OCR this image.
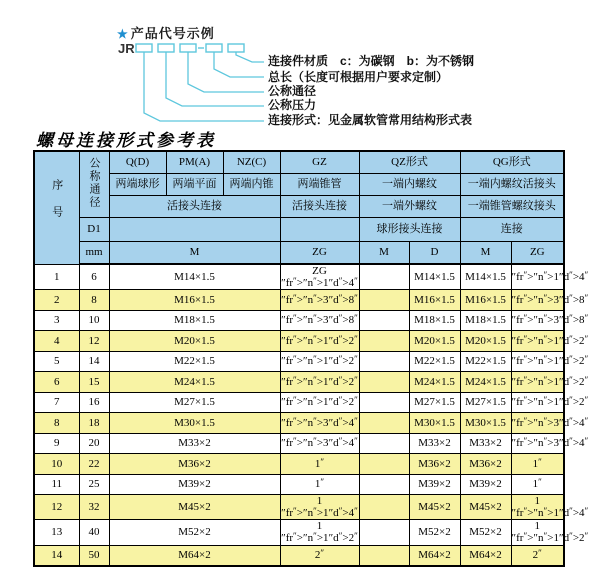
★ 产品代号示例
JR
连接件材质　c：为碳钢　b：为不锈钢
总长（长度可根据用户要求定制）
公称通径
公称压力
连接形式：见金属软管常用结构形式表
螺母连接形式参考表
序号	公称通径	Q(D)	PM(A)	NZ(C)	GZ	QZ形式		QG形式	
		两端球形	两端平面	两端内锥	两端锥管	一端内螺纹		一端内螺纹活接头	
		活接头连接			活接头连接	一端外螺纹		一端锥管螺纹接头	
	D1					球形接头连接		连接	
	mm	M			ZG	M	D	M	ZG
1	6	M14×1.5			ZG ″fr″>″n″>1″d″>4″		M14×1.5	M14×1.5	″fr″>″n″>1″d″>4″
2	8	M16×1.5			″fr″>″n″>3″d″>8″		M16×1.5	M16×1.5	″fr″>″n″>3″d″>8″
3	10	M18×1.5			″fr″>″n″>3″d″>8″		M18×1.5	M18×1.5	″fr″>″n″>3″d″>8″
4	12	M20×1.5			″fr″>″n″>1″d″>2″		M20×1.5	M20×1.5	″fr″>″n″>1″d″>2″
5	14	M22×1.5			″fr″>″n″>1″d″>2″		M22×1.5	M22×1.5	″fr″>″n″>1″d″>2″
6	15	M24×1.5			″fr″>″n″>1″d″>2″		M24×1.5	M24×1.5	″fr″>″n″>1″d″>2″
7	16	M27×1.5			″fr″>″n″>1″d″>2″		M27×1.5	M27×1.5	″fr″>″n″>1″d″>2″
8	18	M30×1.5			″fr″>″n″>3″d″>4″		M30×1.5	M30×1.5	″fr″>″n″>3″d″>4″
9	20	M33×2			″fr″>″n″>3″d″>4″		M33×2	M33×2	″fr″>″n″>3″d″>4″
10	22	M36×2			1″		M36×2	M36×2	1″
11	25	M39×2			1″		M39×2	M39×2	1″
12	32	M45×2			1 ″fr″>″n″>1″d″>4″		M45×2	M45×2	1 ″fr″>″n″>1″d″>4″
13	40	M52×2			1 ″fr″>″n″>1″d″>2″		M52×2	M52×2	1 ″fr″>″n″>1″d″>2″
14	50	M64×2			2″		M64×2	M64×2	2″
